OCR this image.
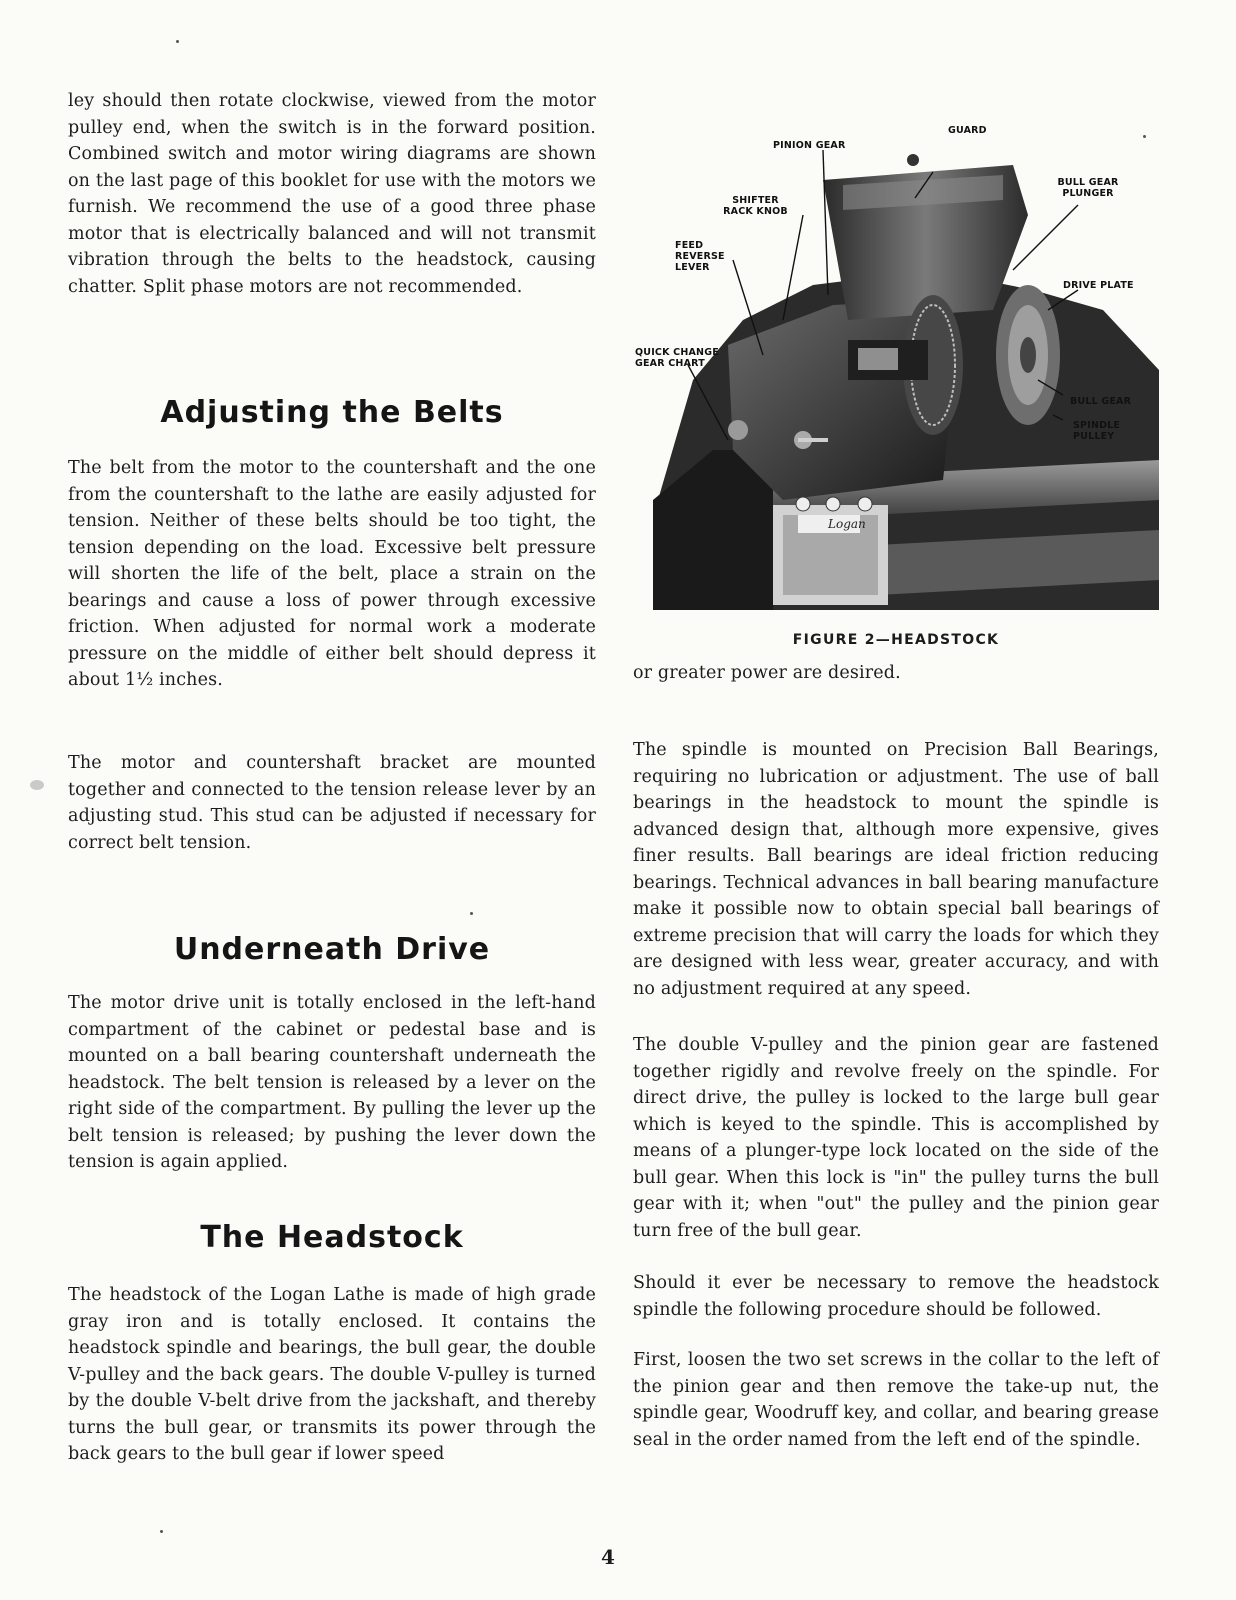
ley should then rotate clockwise, viewed from the motor pulley end, when the switch is in the forward position. Combined switch and motor wiring diagrams are shown on the last page of this booklet for use with the motors we furnish. We recommend the use of a good three phase motor that is electrically balanced and will not transmit vibration through the belts to the headstock, causing chatter. Split phase motors are not recommended.

Adjusting the Belts

The belt from the motor to the countershaft and the one from the countershaft to the lathe are easily adjusted for tension. Neither of these belts should be too tight, the tension depending on the load. Excessive belt pressure will shorten the life of the belt, place a strain on the bearings and cause a loss of power through excessive friction. When adjusted for normal work a moderate pressure on the middle of either belt should depress it about 1½ inches.

The motor and countershaft bracket are mounted together and connected to the tension release lever by an adjusting stud. This stud can be adjusted if necessary for correct belt tension.

Underneath Drive

The motor drive unit is totally enclosed in the left-hand compartment of the cabinet or pedestal base and is mounted on a ball bearing countershaft underneath the headstock. The belt tension is released by a lever on the right side of the compartment. By pulling the lever up the belt tension is released; by pushing the lever down the tension is again applied.

The Headstock

The headstock of the Logan Lathe is made of high grade gray iron and is totally enclosed. It contains the headstock spindle and bearings, the bull gear, the double V-pulley and the back gears. The double V-pulley is turned by the double V-belt drive from the jackshaft, and thereby turns the bull gear, or transmits its power through the back gears to the bull gear if lower speed

Logan
GUARD
PINION GEAR
BULL GEAR PLUNGER
SHIFTER RACK KNOB
FEED REVERSE LEVER
DRIVE PLATE
QUICK CHANGE GEAR CHART
BULL GEAR
SPINDLE PULLEY
FIGURE 2—HEADSTOCK

or greater power are desired.

The spindle is mounted on Precision Ball Bearings, requiring no lubrication or adjustment. The use of ball bearings in the headstock to mount the spindle is advanced design that, although more expensive, gives finer results. Ball bearings are ideal friction reducing bearings. Technical advances in ball bearing manufacture make it possible now to obtain special ball bearings of extreme precision that will carry the loads for which they are designed with less wear, greater accuracy, and with no adjustment required at any speed.

The double V-pulley and the pinion gear are fastened together rigidly and revolve freely on the spindle. For direct drive, the pulley is locked to the large bull gear which is keyed to the spindle. This is accomplished by means of a plunger-type lock located on the side of the bull gear. When this lock is "in" the pulley turns the bull gear with it; when "out" the pulley and the pinion gear turn free of the bull gear.

Should it ever be necessary to remove the headstock spindle the following procedure should be followed.

First, loosen the two set screws in the collar to the left of the pinion gear and then remove the take-up nut, the spindle gear, Woodruff key, and collar, and bearing grease seal in the order named from the left end of the spindle.

4
